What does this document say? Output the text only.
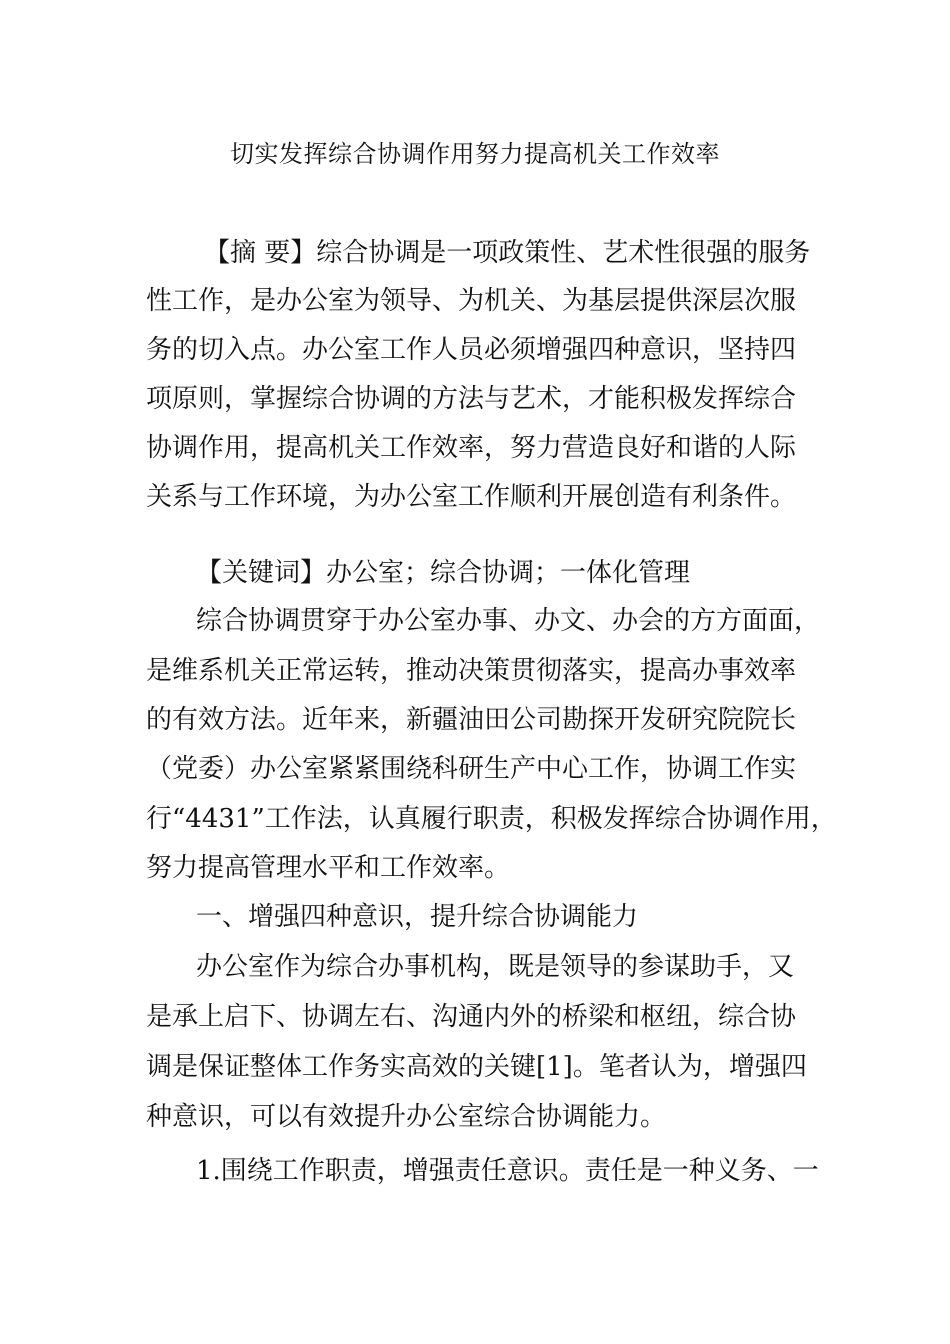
切实发挥综合协调作用努力提高机关工作效率
【摘 要】综合协调是一项政策性、艺术性很强的服务
性工作，是办公室为领导、为机关、为基层提供深层次服
务的切入点。办公室工作人员必须增强四种意识，坚持四
项原则，掌握综合协调的方法与艺术，才能积极发挥综合
协调作用，提高机关工作效率，努力营造良好和谐的人际
关系与工作环境，为办公室工作顺利开展创造有利条件。
【关键词】办公室；综合协调；一体化管理
综合协调贯穿于办公室办事、办文、办会的方方面面，
是维系机关正常运转，推动决策贯彻落实，提高办事效率
的有效方法。近年来，新疆油田公司勘探开发研究院院长
（党委）办公室紧紧围绕科研生产中心工作，协调工作实
行“4431”工作法，认真履行职责，积极发挥综合协调作用，
努力提高管理水平和工作效率。
一、增强四种意识，提升综合协调能力
办公室作为综合办事机构，既是领导的参谋助手，又
是承上启下、协调左右、沟通内外的桥梁和枢纽，综合协
调是保证整体工作务实高效的关键[1]。笔者认为，增强四
种意识，可以有效提升办公室综合协调能力。
1.围绕工作职责，增强责任意识。责任是一种义务、一
